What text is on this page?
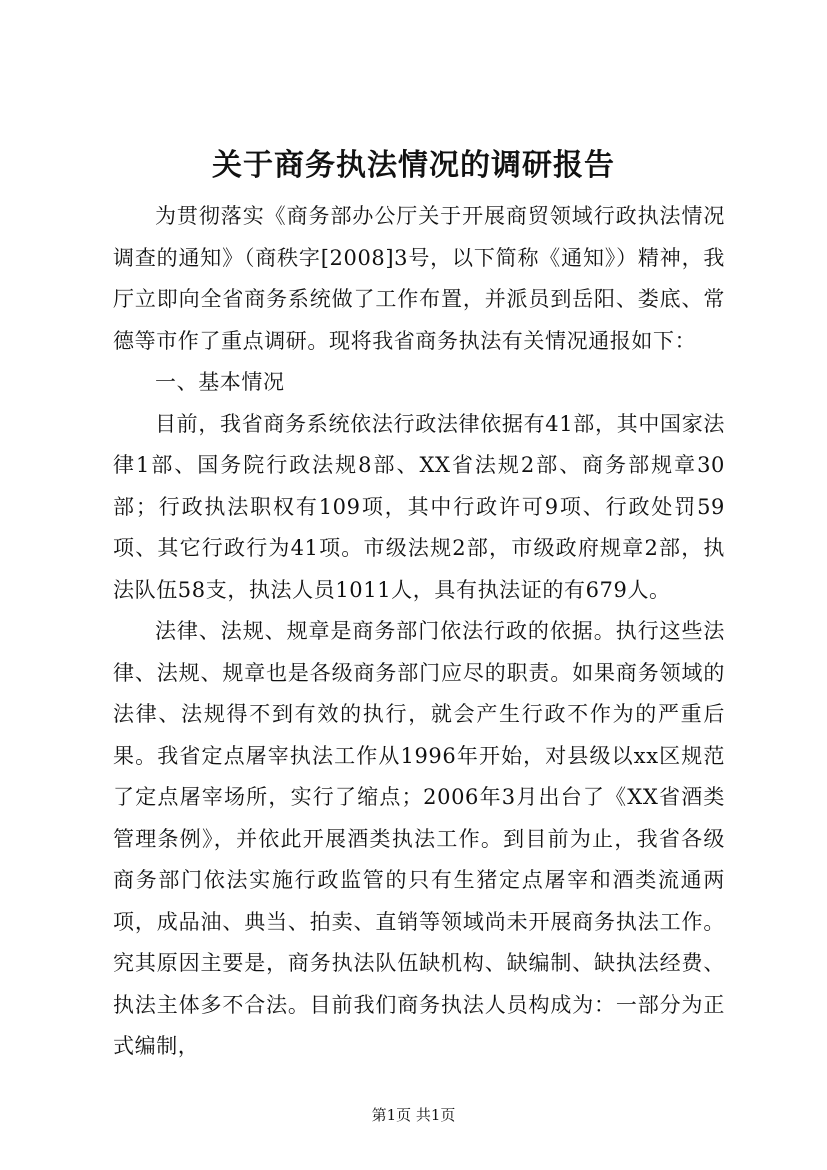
关于商务执法情况的调研报告

为贯彻落实《商务部办公厅关于开展商贸领域行政执法情况调查的通知》（商秩字[2008]3号，以下简称《通知》）精神，我厅立即向全省商务系统做了工作布置，并派员到岳阳、娄底、常德等市作了重点调研。现将我省商务执法有关情况通报如下：

一、基本情况

目前，我省商务系统依法行政法律依据有41部，其中国家法律1部、国务院行政法规8部、XX省法规2部、商务部规章30部；行政执法职权有109项，其中行政许可9项、行政处罚59项、其它行政行为41项。市级法规2部，市级政府规章2部，执法队伍58支，执法人员1011人，具有执法证的有679人。

法律、法规、规章是商务部门依法行政的依据。执行这些法律、法规、规章也是各级商务部门应尽的职责。如果商务领域的法律、法规得不到有效的执行，就会产生行政不作为的严重后果。我省定点屠宰执法工作从1996年开始，对县级以xx区规范了定点屠宰场所，实行了缩点；2006年3月出台了《XX省酒类管理条例》，并依此开展酒类执法工作。到目前为止，我省各级商务部门依法实施行政监管的只有生猪定点屠宰和酒类流通两项，成品油、典当、拍卖、直销等领域尚未开展商务执法工作。究其原因主要是，商务执法队伍缺机构、缺编制、缺执法经费、执法主体多不合法。目前我们商务执法人员构成为：一部分为正式编制，

第1页 共1页
